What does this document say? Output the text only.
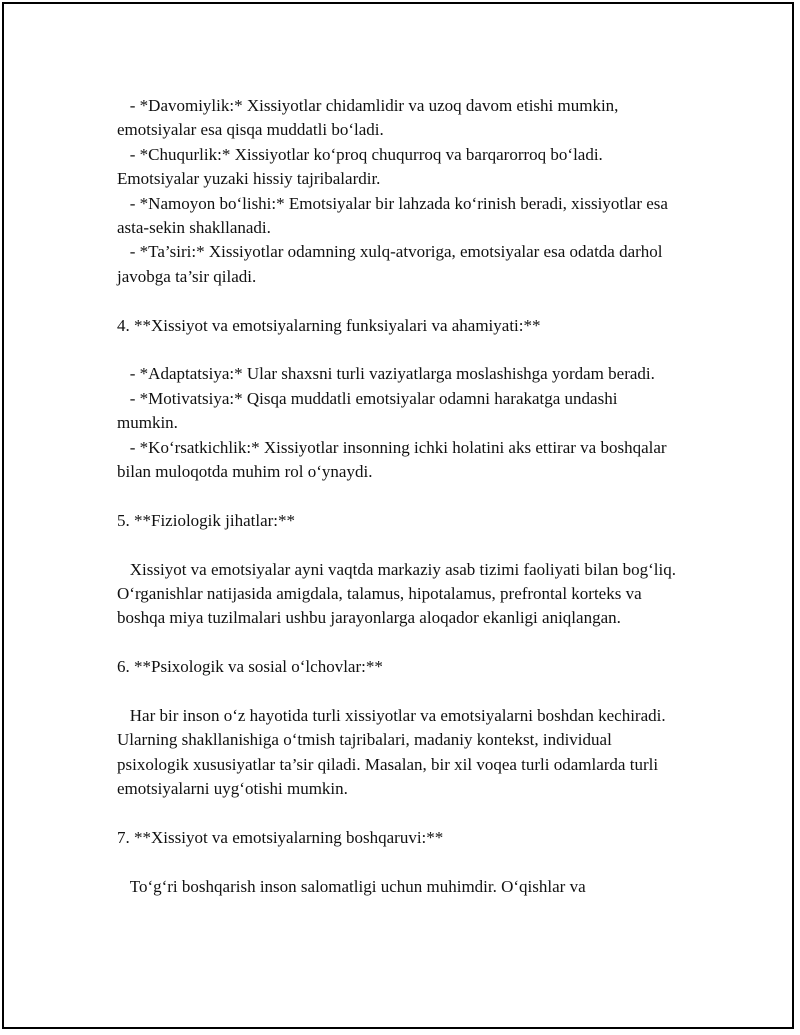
- *Davomiylik:* Xissiyotlar chidamlidir va uzoq davom etishi mumkin, emotsiyalar esa qisqa muddatli bo‘ladi.

- *Chuqurlik:* Xissiyotlar ko‘proq chuqurroq va barqarorroq bo‘ladi. Emotsiyalar yuzaki hissiy tajribalardir.

- *Namoyon bo‘lishi:* Emotsiyalar bir lahzada ko‘rinish beradi, xissiyotlar esa asta-sekin shakllanadi.

- *Ta’siri:* Xissiyotlar odamning xulq-atvoriga, emotsiyalar esa odatda darhol javobga ta’sir qiladi.

4. **Xissiyot va emotsiyalarning funksiyalari va ahamiyati:**

- *Adaptatsiya:* Ular shaxsni turli vaziyatlarga moslashishga yordam beradi.

- *Motivatsiya:* Qisqa muddatli emotsiyalar odamni harakatga undashi mumkin.

- *Ko‘rsatkichlik:* Xissiyotlar insonning ichki holatini aks ettirar va boshqalar bilan muloqotda muhim rol o‘ynaydi.

5. **Fiziologik jihatlar:**

Xissiyot va emotsiyalar ayni vaqtda markaziy asab tizimi faoliyati bilan bog‘liq. O‘rganishlar natijasida amigdala, talamus, hipotalamus, prefrontal korteks va boshqa miya tuzilmalari ushbu jarayonlarga aloqador ekanligi aniqlangan.

6. **Psixologik va sosial o‘lchovlar:**

Har bir inson o‘z hayotida turli xissiyotlar va emotsiyalarni boshdan kechiradi. Ularning shakllanishiga o‘tmish tajribalari, madaniy kontekst, individual psixologik xususiyatlar ta’sir qiladi. Masalan, bir xil voqea turli odamlarda turli emotsiyalarni uyg‘otishi mumkin.

7. **Xissiyot va emotsiyalarning boshqaruvi:**

To‘g‘ri boshqarish inson salomatligi uchun muhimdir. O‘qishlar va
